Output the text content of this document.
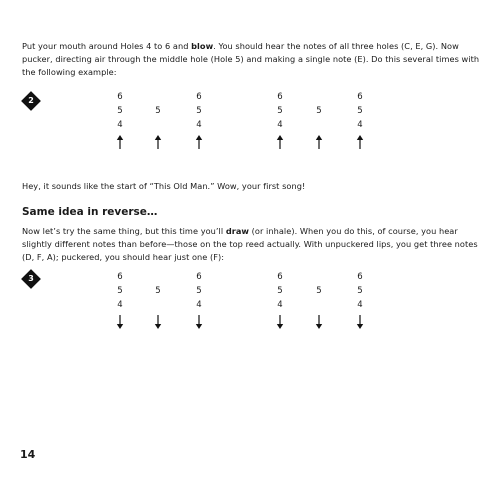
Put your mouth around Holes 4 to 6 and blow. You should hear the notes of all three holes (C, E, G). Now pucker, directing air through the middle hole (Hole 5) and making a single note (E). Do this several times with the following example:

2	6
5
4
5
6
5
4
6
5
4
5
6
5
4

Hey, it sounds like the start of “This Old Man.” Wow, your first song!

Same idea in reverse…

Now let’s try the same thing, but this time you’ll draw (or inhale). When you do this, of course, you hear slightly different notes than before—those on the top reed actually. With unpuckered lips, you get three notes (D, F, A); puckered, you should hear just one (F):

3	6
5
4
5
6
5
4
6
5
4
5
6
5
4
14
